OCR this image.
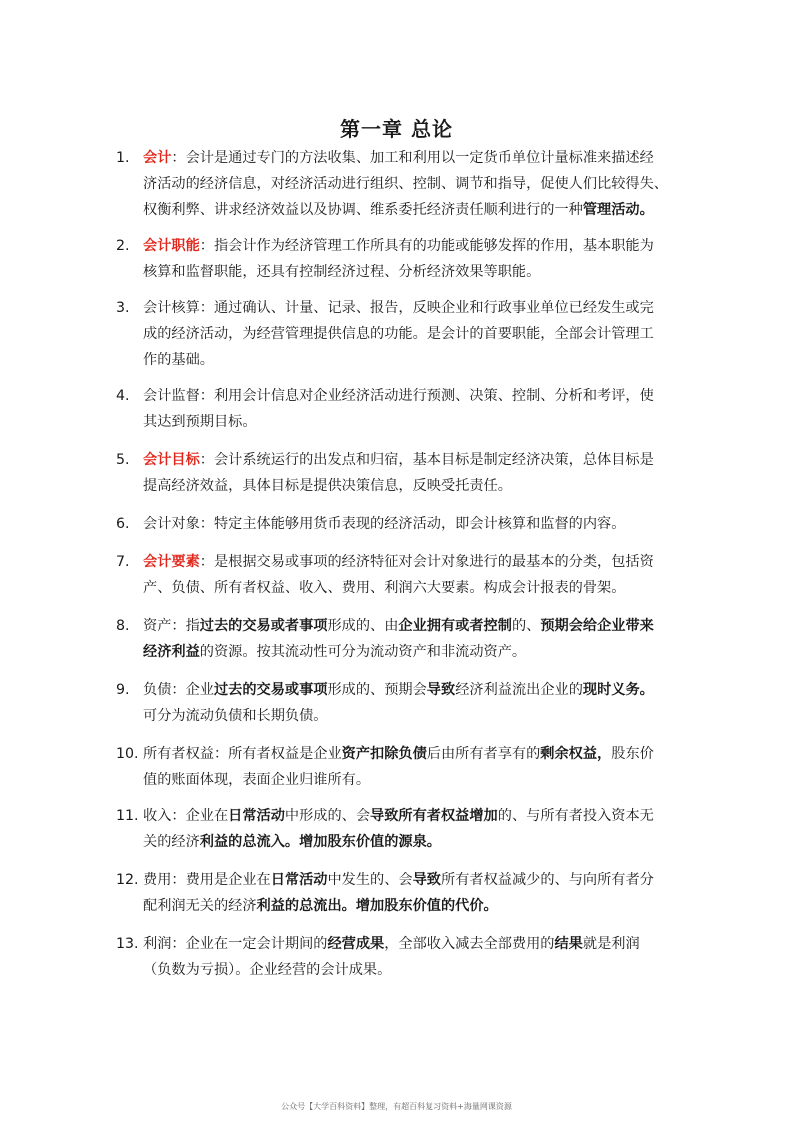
第一章 总论
1. 会计：会计是通过专门的方法收集、加工和利用以一定货币单位计量标准来描述经
济活动的经济信息，对经济活动进行组织、控制、调节和指导，促使人们比较得失、
权衡利弊、讲求经济效益以及协调、维系委托经济责任顺利进行的一种管理活动。
2. 会计职能：指会计作为经济管理工作所具有的功能或能够发挥的作用，基本职能为
核算和监督职能，还具有控制经济过程、分析经济效果等职能。
3. 会计核算：通过确认、计量、记录、报告，反映企业和行政事业单位已经发生或完
成的经济活动，为经营管理提供信息的功能。是会计的首要职能，全部会计管理工
作的基础。
4. 会计监督：利用会计信息对企业经济活动进行预测、决策、控制、分析和考评，使
其达到预期目标。
5. 会计目标：会计系统运行的出发点和归宿，基本目标是制定经济决策，总体目标是
提高经济效益，具体目标是提供决策信息，反映受托责任。
6. 会计对象：特定主体能够用货币表现的经济活动，即会计核算和监督的内容。
7. 会计要素：是根据交易或事项的经济特征对会计对象进行的最基本的分类，包括资
产、负债、所有者权益、收入、费用、利润六大要素。构成会计报表的骨架。
8. 资产：指过去的交易或者事项形成的、由企业拥有或者控制的、预期会给企业带来
经济利益的资源。按其流动性可分为流动资产和非流动资产。
9. 负债：企业过去的交易或事项形成的、预期会导致经济利益流出企业的现时义务。
可分为流动负债和长期负债。
10. 所有者权益：所有者权益是企业资产扣除负债后由所有者享有的剩余权益，股东价
值的账面体现，表面企业归谁所有。
11. 收入：企业在日常活动中形成的、会导致所有者权益增加的、与所有者投入资本无
关的经济利益的总流入。增加股东价值的源泉。
12. 费用：费用是企业在日常活动中发生的、会导致所有者权益减少的、与向所有者分
配利润无关的经济利益的总流出。增加股东价值的代价。
13. 利润：企业在一定会计期间的经营成果，全部收入减去全部费用的结果就是利润
（负数为亏损）。企业经营的会计成果。
公众号【大学百科资料】整理，有超百科复习资料+海量网课资源
